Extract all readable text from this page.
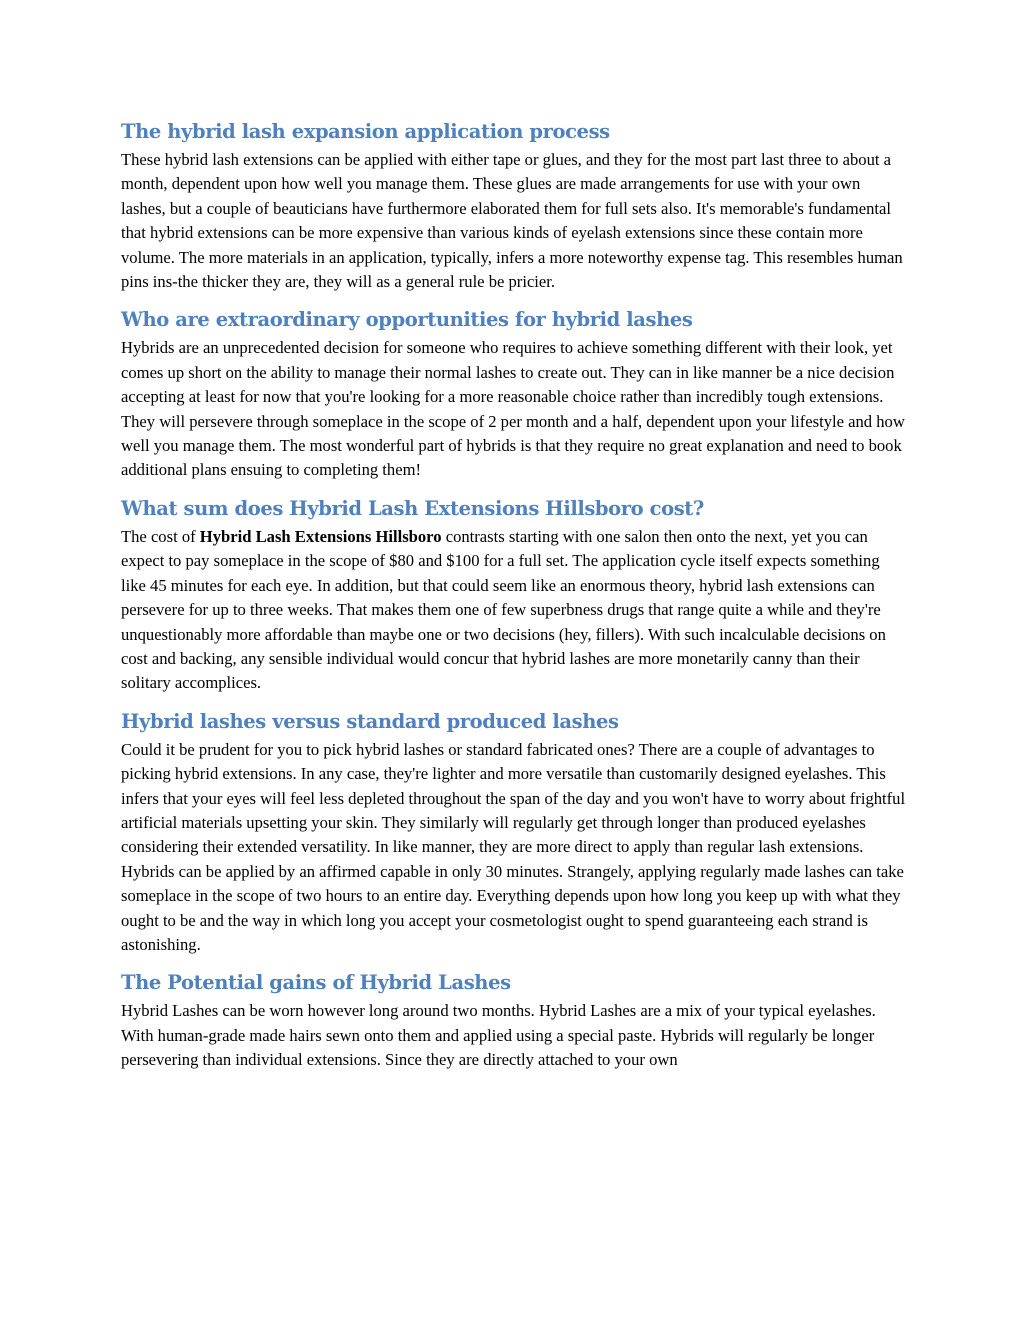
The hybrid lash expansion application process

These hybrid lash extensions can be applied with either tape or glues, and they for the most part last three to about a month, dependent upon how well you manage them. These glues are made arrangements for use with your own lashes, but a couple of beauticians have furthermore elaborated them for full sets also. It's memorable's fundamental that hybrid extensions can be more expensive than various kinds of eyelash extensions since these contain more volume. The more materials in an application, typically, infers a more noteworthy expense tag. This resembles human pins ins-the thicker they are, they will as a general rule be pricier.

Who are extraordinary opportunities for hybrid lashes

Hybrids are an unprecedented decision for someone who requires to achieve something different with their look, yet comes up short on the ability to manage their normal lashes to create out. They can in like manner be a nice decision accepting at least for now that you're looking for a more reasonable choice rather than incredibly tough extensions. They will persevere through someplace in the scope of 2 per month and a half, dependent upon your lifestyle and how well you manage them. The most wonderful part of hybrids is that they require no great explanation and need to book additional plans ensuing to completing them!

What sum does Hybrid Lash Extensions Hillsboro cost?

The cost of Hybrid Lash Extensions Hillsboro contrasts starting with one salon then onto the next, yet you can expect to pay someplace in the scope of $80 and $100 for a full set. The application cycle itself expects something like 45 minutes for each eye. In addition, but that could seem like an enormous theory, hybrid lash extensions can persevere for up to three weeks. That makes them one of few superbness drugs that range quite a while and they're unquestionably more affordable than maybe one or two decisions (hey, fillers). With such incalculable decisions on cost and backing, any sensible individual would concur that hybrid lashes are more monetarily canny than their solitary accomplices.

Hybrid lashes versus standard produced lashes

Could it be prudent for you to pick hybrid lashes or standard fabricated ones? There are a couple of advantages to picking hybrid extensions. In any case, they're lighter and more versatile than customarily designed eyelashes. This infers that your eyes will feel less depleted throughout the span of the day and you won't have to worry about frightful artificial materials upsetting your skin. They similarly will regularly get through longer than produced eyelashes considering their extended versatility. In like manner, they are more direct to apply than regular lash extensions. Hybrids can be applied by an affirmed capable in only 30 minutes. Strangely, applying regularly made lashes can take someplace in the scope of two hours to an entire day. Everything depends upon how long you keep up with what they ought to be and the way in which long you accept your cosmetologist ought to spend guaranteeing each strand is astonishing.

The Potential gains of Hybrid Lashes

Hybrid Lashes can be worn however long around two months. Hybrid Lashes are a mix of your typical eyelashes. With human-grade made hairs sewn onto them and applied using a special paste. Hybrids will regularly be longer persevering than individual extensions. Since they are directly attached to your own
